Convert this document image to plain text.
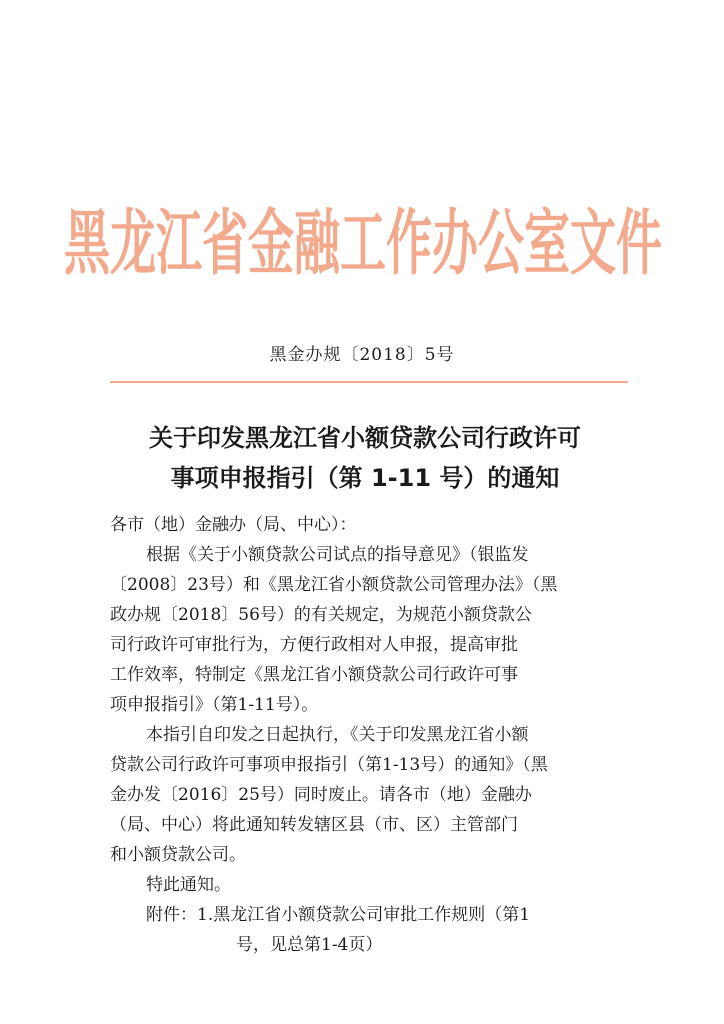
黑龙江省金融工作办公室文件
黑金办规〔2018〕5号
关于印发黑龙江省小额贷款公司行政许可
事项申报指引（第 1-11 号）的通知
各市（地）金融办（局、中心）：
根据《关于小额贷款公司试点的指导意见》（银监发
〔2008〕23号）和《黑龙江省小额贷款公司管理办法》（黑
政办规〔2018〕56号）的有关规定，为规范小额贷款公
司行政许可审批行为，方便行政相对人申报，提高审批
工作效率，特制定《黑龙江省小额贷款公司行政许可事
项申报指引》（第1-11号）。
本指引自印发之日起执行，《关于印发黑龙江省小额
贷款公司行政许可事项申报指引（第1-13号）的通知》（黑
金办发〔2016〕25号）同时废止。请各市（地）金融办
（局、中心）将此通知转发辖区县（市、区）主管部门
和小额贷款公司。
特此通知。
附件：1.黑龙江省小额贷款公司审批工作规则（第1
号，见总第1-4页）
